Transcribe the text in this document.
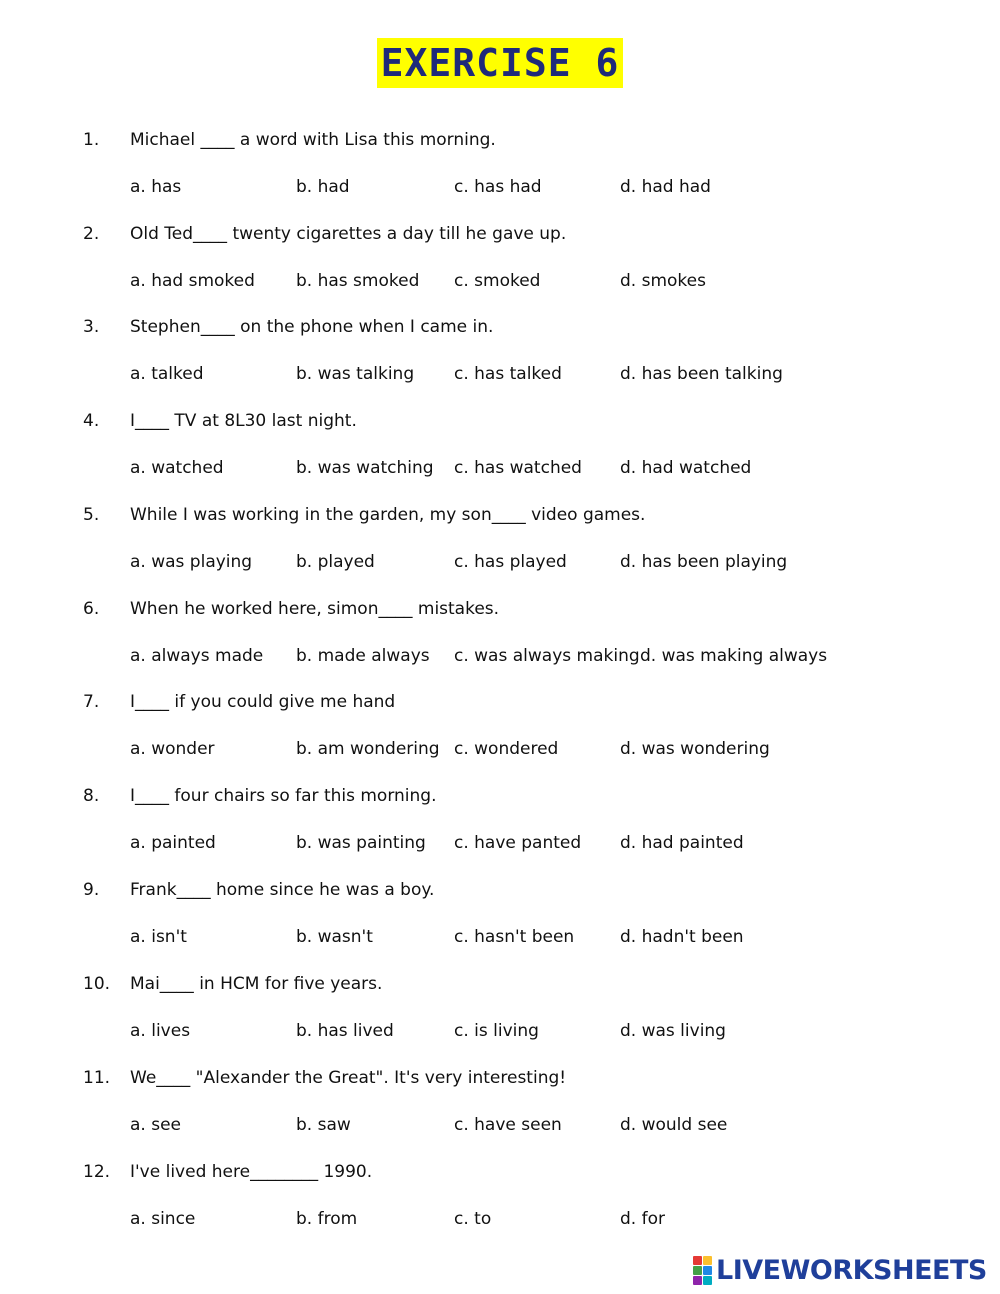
EXERCISE 6
1. Michael ____ a word with Lisa this morning.
a. has	b. had	c. has had	d. had had
2. Old Ted____ twenty cigarettes a day till he gave up.
a. had smoked b. has smoked c. smoked	d. smokes
3. Stephen____ on the phone when I came in.
a. talked	b. was talking c. has talked	d. has been talking
4. I____ TV at 8L30 last night.
a. watched	b. was watching c. has watched d. had watched
5. While I was working in the garden, my son____ video games.
a. was playing	b. played	c. has played	d. has been playing
6. When he worked here, simon____ mistakes.
a. always made b. made always c. was always making d. was making always
7. I____ if you could give me hand
a. wonder	b. am wondering c. wondered	d. was wondering
8. I____ four chairs so far this morning.
a. painted	b. was painting c. have panted d. had painted
9. Frank____ home since he was a boy.
a. isn't	b. wasn't	c. hasn't been	d. hadn't been
10. Mai____ in HCM for five years.
a. lives	b. has lived	c. is living	d. was living
11. We____ "Alexander the Great". It's very interesting!
a. see	b. saw	c. have seen	d. would see
12. I've lived here________ 1990.
a. since	b. from	c. to	d. for
LIVEWORKSHEETS
